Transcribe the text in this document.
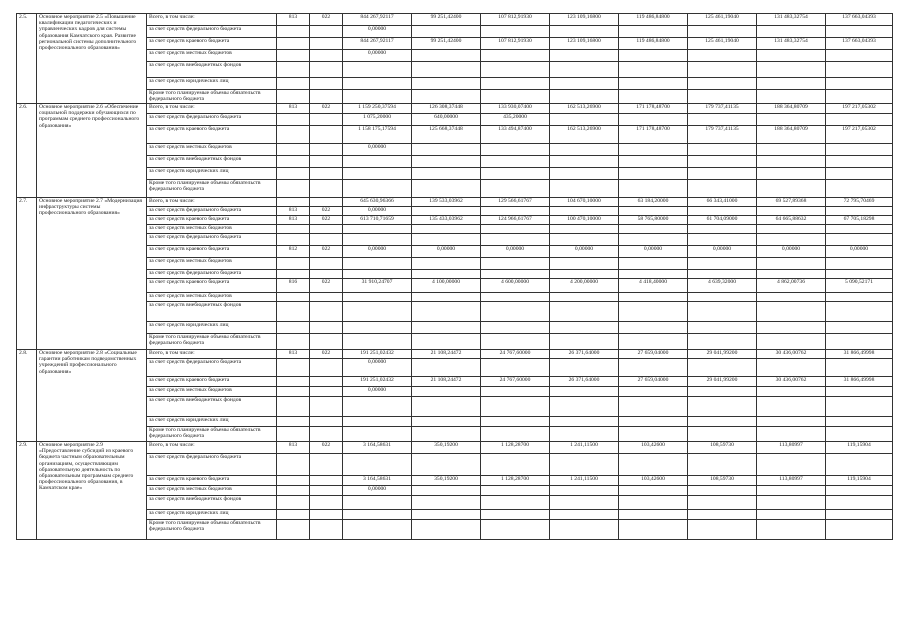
2.5.	Основное мероприятие 2.5 «Повышение квалификации педагогических и управленческих кадров для системы образования Камчатского края. Развитие региональной системы дополнительного профессионального образования»	Всего, в том числе:	813	022	844 267,92117	99 251,42400	107 812,91930	123 109,16800	119 486,84800	125 461,19040	131 483,32754	137 663,04393
		за счет средств федерального бюджета			0,00000							
		за счет средств краевого бюджета			844 267,92117	99 251,42400	107 812,91930	123 109,16800	119 486,84800	125 461,19040	131 483,32754	137 663,04393
		за счет средств местных бюджетов			0,00000							
		за счет средств внебюджетных фондов										
		за счет средств юридических лиц										
		Кроме того планируемые объемы обязательств федерального бюджета										
2.6.	Основное мероприятие 2.6 «Обеспечение социальной поддержки обучающихся по программам среднего профессионального образования»	Всего, в том числе:	813	022	1 159 250,37594	126 308,37448	133 930,07400	162 513,26900	171 178,48700	179 737,41135	188 364,80709	197 217,05302
		за счет средств федерального бюджета			1 075,20000	640,00000	435,20000					
		за счет средств краевого бюджета			1 158 175,17594	125 668,37448	133 494,87400	162 513,26900	171 178,48700	179 737,41135	188 364,80709	197 217,05302
		за счет средств местных бюджетов			0,00000							
		за счет средств внебюджетных фондов										
		за счет средств юридических лиц										
		Кроме того планируемые объемы обязательств федерального бюджета										
2.7.	Основное мероприятие 2.7 «Модернизация инфраструктуры системы профессионального образования»	Всего, в том числе:			645 630,96366	139 533,03962	129 566,61767	104 670,10000	63 184,20000	66 343,41000	69 527,89368	72 795,70469
		за счет средств федерального бюджета	813	022	0,00000							
		за счет средств краевого бюджета	813	022	613 710,71659	135 433,03962	124 966,61767	100 470,10000	58 765,80000	61 704,09000	64 665,88632	67 705,18298
		за счет средств местных бюджетов										
		за счет средств федерального бюджета										
		за счет средств краевого бюджета	812	022	0,00000	0,00000	0,00000	0,00000	0,00000	0,00000	0,00000	0,00000
		за счет средств местных бюджетов										
		за счет средств федерального бюджета										
		за счет средств краевого бюджета	816	022	31 910,24707	4 100,00000	4 600,00000	4 200,00000	4 418,40000	4 639,32000	4 862,00736	5 090,52171
		за счет средств местных бюджетов										
		за счет средств внебюджетных фондов										
		за счет средств юридических лиц										
		Кроме того планируемые объемы обязательств федерального бюджета										
2.8.	Основное мероприятие 2.8 «Социальные гарантии работникам подведомственных учреждений профессионального образования»	Всего, в том числе:	813	022	191 251,02432	21 108,24472	24 767,60000	26 371,64000	27 659,04000	29 041,99200	30 436,00762	31 866,49998
		за счет средств федерального бюджета			0,00000							
		за счет средств краевого бюджета			191 251,02432	21 108,24472	24 767,60000	26 371,64000	27 659,04000	29 041,99200	30 436,00762	31 866,49998
		за счет средств местных бюджетов			0,00000							
		за счет средств внебюджетных фондов										
		за счет средств юридических лиц										
		Кроме того планируемые объемы обязательств федерального бюджета										
2.9.	Основное мероприятие 2.9 «Предоставление субсидий из краевого бюджета частным образовательным организациям, осуществляющим образовательную деятельность по образовательным программам среднего профессионального образования, в Камчатском крае»	Всего, в том числе:	813	022	3 164,58631	350,19200	1 128,28700	1 241,11500	103,42600	108,59730	113,80997	119,15904
		за счет средств федерального бюджета										
		за счет средств краевого бюджета			3 164,58631	350,19200	1 128,28700	1 241,11500	103,42600	108,59730	113,80997	119,15904
		за счет средств местных бюджетов			0,00000							
		за счет средств внебюджетных фондов										
		за счет средств юридических лиц										
		Кроме того планируемые объемы обязательств федерального бюджета										
